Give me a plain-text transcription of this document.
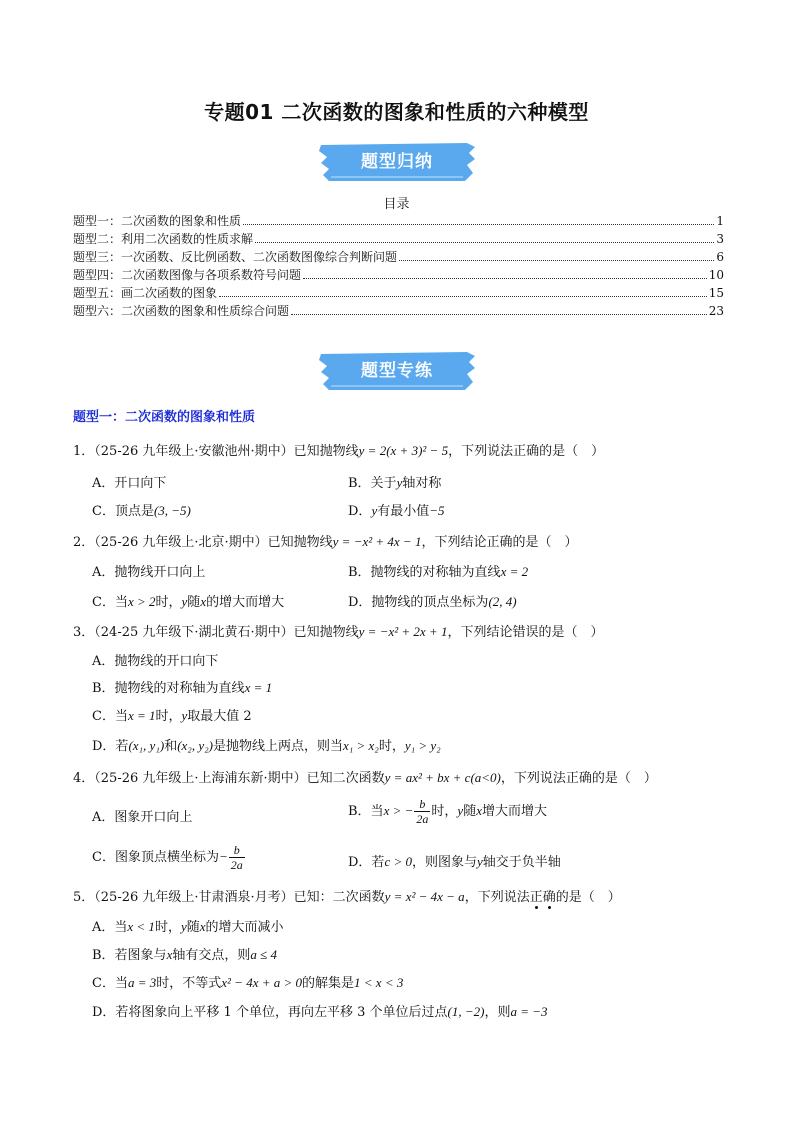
专题01 二次函数的图象和性质的六种模型
题型归纳
目录
题型一：二次函数的图象和性质	1
题型二：利用二次函数的性质求解	3
题型三：一次函数、反比例函数、二次函数图像综合判断问题	6
题型四：二次函数图像与各项系数符号问题	10
题型五：画二次函数的图象	15
题型六：二次函数的图象和性质综合问题	23
题型专练
题型一：二次函数的图象和性质
1．（25-26 九年级上·安徽池州·期中）已知抛物线y = 2(x + 3)² − 5，下列说法正确的是（　）
A．开口向下	B．关于y轴对称
C．顶点是(3, −5)	D．y有最小值−5
2．（25-26 九年级上·北京·期中）已知抛物线y = −x² + 4x − 1，下列结论正确的是（　）
A．抛物线开口向上	B．抛物线的对称轴为直线x = 2
C．当x > 2时，y随x的增大而增大	D．抛物线的顶点坐标为(2, 4)
3．（24-25 九年级下·湖北黄石·期中）已知抛物线y = −x² + 2x + 1，下列结论错误的是（　）
A．抛物线的开口向下
B．抛物线的对称轴为直线x = 1
C．当x = 1时，y取最大值 2
D．若(x₁, y₁)和(x₂, y₂)是抛物线上两点，则当x₁ > x₂时，y₁ > y₂
4．（25-26 九年级上·上海浦东新·期中）已知二次函数y = ax² + bx + c(a<0)，下列说法正确的是（　）
A．图象开口向上	B．当x > − $\frac{b}{2a}$ 时，y随x增大而增大
C．图象顶点横坐标为− $\frac{b}{2a}$	D．若c > 0，则图象与y轴交于负半轴
5．（25-26 九年级上·甘肃酒泉·月考）已知：二次函数y = x² − 4x − a，下列说法正确的是（　）
A．当x < 1时，y随x的增大而减小
B．若图象与x轴有交点，则a ≤ 4
C．当a = 3时，不等式x² − 4x + a > 0的解集是1 < x < 3
D．若将图象向上平移 1 个单位，再向左平移 3 个单位后过点(1, −2)，则a = −3
